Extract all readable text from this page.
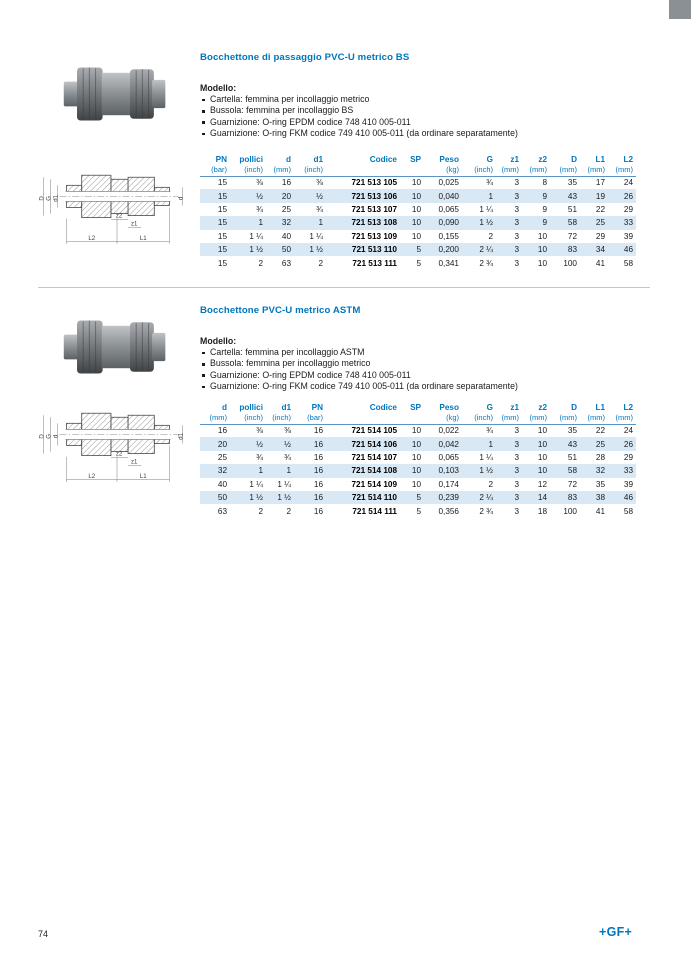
Bocchettone di passaggio PVC-U metrico BS
Modello:
Cartella: femmina per incollaggio metrico
Bussola: femmina per incollaggio BS
Guarnizione: O-ring EPDM codice 748 410 005-011
Guarnizione: O-ring FKM codice 749 410 005-011 (da ordinare separatamente)
D G d1	d
z2
z1
L2	L1
PN	pollici	d	d1	Codice	SP	Peso	G	z1	z2	D	L1	L2
(bar)	(inch)	(mm)	(inch)			(kg)	(inch)	(mm)	(mm)	(mm)	(mm)	(mm)
15	⅜	16	⅜	721 513 105	10	0,025	¾	3	8	35	17	24
15	½	20	½	721 513 106	10	0,040	1	3	9	43	19	26
15	¾	25	¾	721 513 107	10	0,065	1 ¼	3	9	51	22	29
15	1	32	1	721 513 108	10	0,090	1 ½	3	9	58	25	33
15	1 ¼	40	1 ¼	721 513 109	10	0,155	2	3	10	72	29	39
15	1 ½	50	1 ½	721 513 110	5	0,200	2 ¼	3	10	83	34	46
15	2	63	2	721 513 111	5	0,341	2 ¾	3	10	100	41	58
Bocchettone PVC-U metrico ASTM
Modello:
Cartella: femmina per incollaggio ASTM
Bussola: femmina per incollaggio metrico
Guarnizione: O-ring EPDM codice 748 410 005-011
Guarnizione: O-ring FKM codice 749 410 005-011 (da ordinare separatamente)
D G d	d1
z2
z1
L2	L1
d	pollici	d1	PN	Codice	SP	Peso	G	z1	z2	D	L1	L2
(mm)	(inch)	(inch)	(bar)			(kg)	(inch)	(mm)	(mm)	(mm)	(mm)	(mm)
16	⅜	⅜	16	721 514 105	10	0,022	¾	3	10	35	22	24
20	½	½	16	721 514 106	10	0,042	1	3	10	43	25	26
25	¾	¾	16	721 514 107	10	0,065	1 ¼	3	10	51	28	29
32	1	1	16	721 514 108	10	0,103	1 ½	3	10	58	32	33
40	1 ¼	1 ¼	16	721 514 109	10	0,174	2	3	12	72	35	39
50	1 ½	1 ½	16	721 514 110	5	0,239	2 ¼	3	14	83	38	46
63	2	2	16	721 514 111	5	0,356	2 ¾	3	18	100	41	58
74	+GF+
